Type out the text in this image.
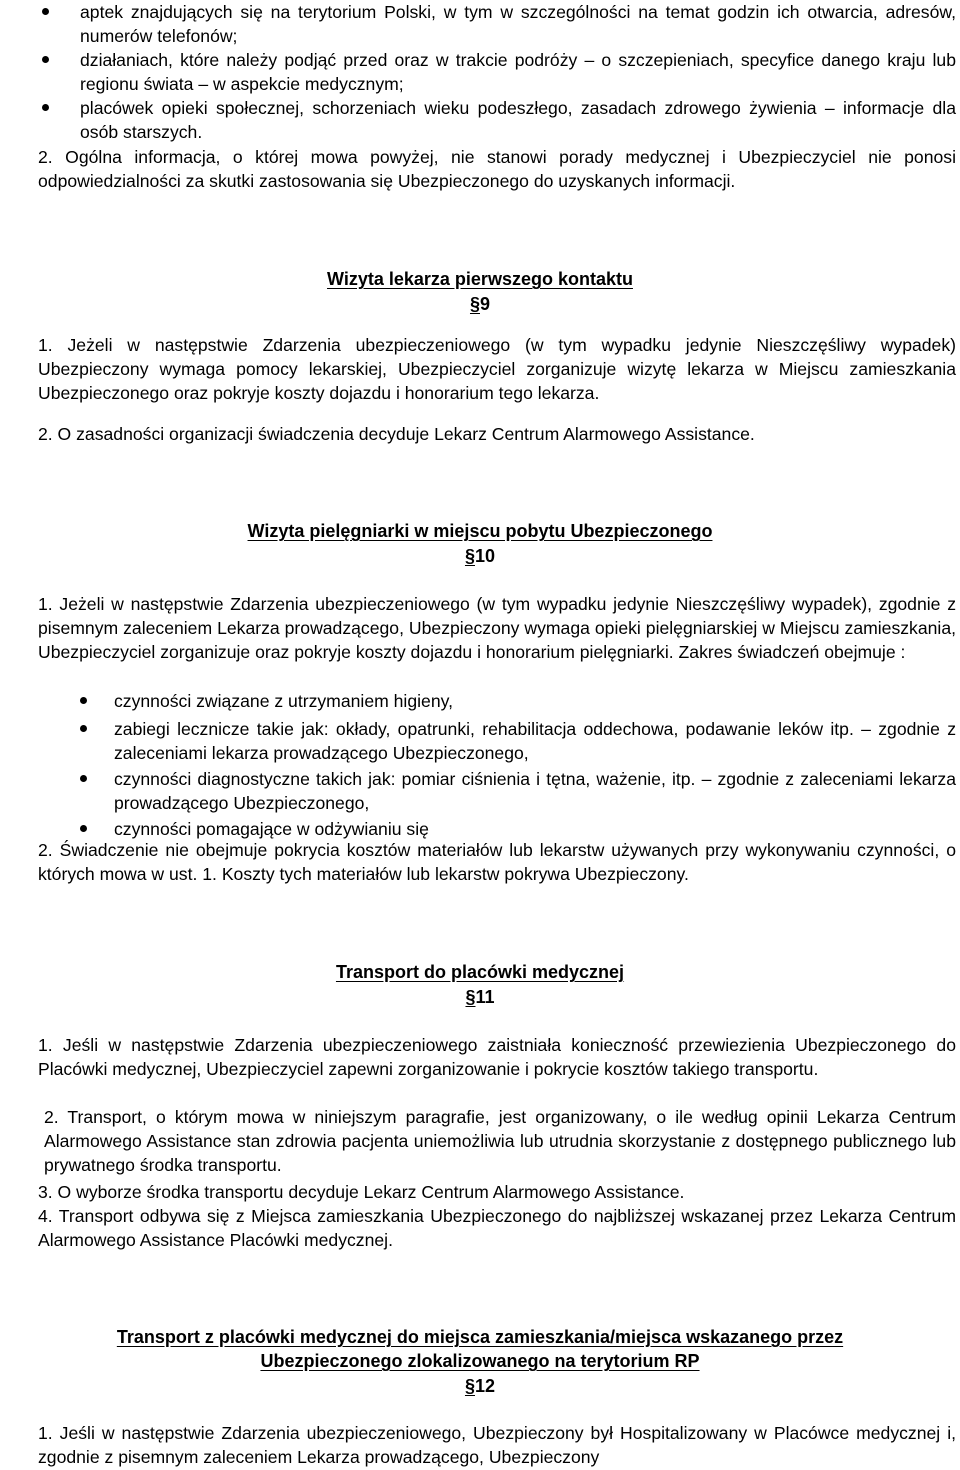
aptek znajdujących się na terytorium Polski, w tym w szczególności na temat godzin ich otwarcia, adresów, numerów telefonów;
działaniach, które należy podjąć przed oraz w trakcie podróży – o szczepieniach, specyfice danego kraju lub regionu świata – w aspekcie medycznym;
placówek opieki społecznej, schorzeniach wieku podeszłego, zasadach zdrowego żywienia – informacje dla osób starszych.
2. Ogólna informacja, o której mowa powyżej, nie stanowi porady medycznej i Ubezpieczyciel nie ponosi odpowiedzialności za skutki zastosowania się Ubezpieczonego do uzyskanych informacji.
Wizyta lekarza pierwszego kontaktu
§9
1. Jeżeli w następstwie Zdarzenia ubezpieczeniowego (w tym wypadku jedynie Nieszczęśliwy wypadek) Ubezpieczony wymaga pomocy lekarskiej, Ubezpieczyciel zorganizuje wizytę lekarza w Miejscu zamieszkania Ubezpieczonego oraz pokryje koszty dojazdu i honorarium tego lekarza.
2. O zasadności organizacji świadczenia decyduje Lekarz Centrum Alarmowego Assistance.
Wizyta pielęgniarki w miejscu pobytu Ubezpieczonego
§10
1. Jeżeli w następstwie Zdarzenia ubezpieczeniowego (w tym wypadku jedynie Nieszczęśliwy wypadek), zgodnie z pisemnym zaleceniem Lekarza prowadzącego, Ubezpieczony wymaga opieki pielęgniarskiej w Miejscu zamieszkania, Ubezpieczyciel zorganizuje oraz pokryje koszty dojazdu i honorarium pielęgniarki. Zakres świadczeń obejmuje :
czynności związane z utrzymaniem higieny,
zabiegi lecznicze takie jak: okłady, opatrunki, rehabilitacja oddechowa, podawanie leków itp. – zgodnie z zaleceniami lekarza prowadzącego Ubezpieczonego,
czynności diagnostyczne takich jak: pomiar ciśnienia i tętna, ważenie, itp. – zgodnie z zaleceniami lekarza prowadzącego Ubezpieczonego,
czynności pomagające w odżywianiu się
2. Świadczenie nie obejmuje pokrycia kosztów materiałów lub lekarstw używanych przy wykonywaniu czynności, o których mowa w ust. 1. Koszty tych materiałów lub lekarstw pokrywa Ubezpieczony.
Transport do placówki medycznej
§11
1. Jeśli w następstwie Zdarzenia ubezpieczeniowego zaistniała konieczność przewiezienia Ubezpieczonego do Placówki medycznej, Ubezpieczyciel zapewni zorganizowanie i pokrycie kosztów takiego transportu.
2. Transport, o którym mowa w niniejszym paragrafie, jest organizowany, o ile według opinii Lekarza Centrum Alarmowego Assistance stan zdrowia pacjenta uniemożliwia lub utrudnia skorzystanie z dostępnego publicznego lub prywatnego środka transportu.
3. O wyborze środka transportu decyduje Lekarz Centrum Alarmowego Assistance.
4. Transport odbywa się z Miejsca zamieszkania Ubezpieczonego do najbliższej wskazanej przez Lekarza Centrum Alarmowego Assistance Placówki medycznej.
Transport z placówki medycznej do miejsca zamieszkania/miejsca wskazanego przez
Ubezpieczonego zlokalizowanego na terytorium RP
§12
1. Jeśli w następstwie Zdarzenia ubezpieczeniowego, Ubezpieczony był Hospitalizowany w Placówce medycznej i, zgodnie z pisemnym zaleceniem Lekarza prowadzącego, Ubezpieczony
